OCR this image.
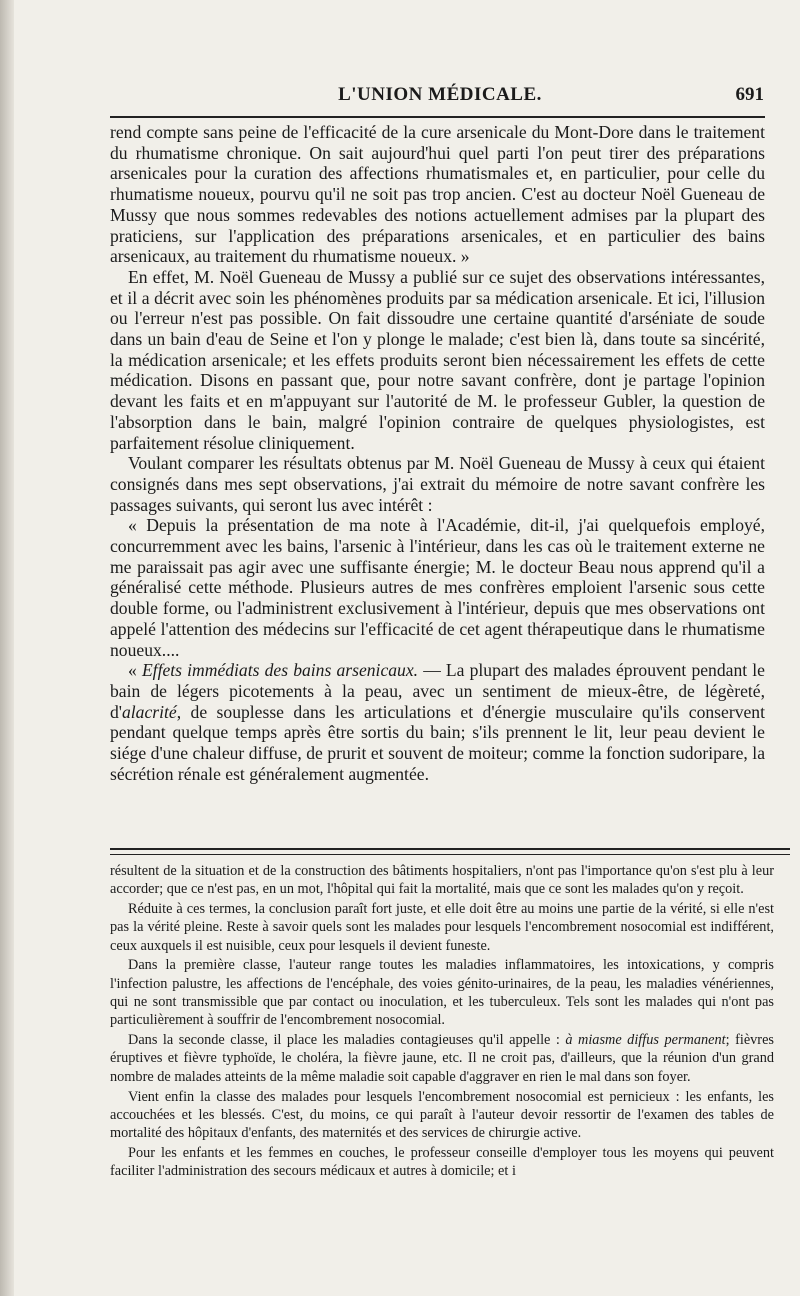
L'UNION MÉDICALE.	691

rend compte sans peine de l'efficacité de la cure arsenicale du Mont-Dore dans le traitement du rhumatisme chronique. On sait aujourd'hui quel parti l'on peut tirer des préparations arsenicales pour la curation des affections rhumatismales et, en particulier, pour celle du rhumatisme noueux, pourvu qu'il ne soit pas trop ancien. C'est au docteur Noël Gueneau de Mussy que nous sommes redevables des notions actuellement admises par la plupart des praticiens, sur l'application des préparations arsenicales, et en particulier des bains arsenicaux, au traitement du rhumatisme noueux. »

En effet, M. Noël Gueneau de Mussy a publié sur ce sujet des observations intéressantes, et il a décrit avec soin les phénomènes produits par sa médication arsenicale. Et ici, l'illusion ou l'erreur n'est pas possible. On fait dissoudre une certaine quantité d'arséniate de soude dans un bain d'eau de Seine et l'on y plonge le malade; c'est bien là, dans toute sa sincérité, la médication arsenicale; et les effets produits seront bien nécessairement les effets de cette médication. Disons en passant que, pour notre savant confrère, dont je partage l'opinion devant les faits et en m'appuyant sur l'autorité de M. le professeur Gubler, la question de l'absorption dans le bain, malgré l'opinion contraire de quelques physiologistes, est parfaitement résolue cliniquement.

Voulant comparer les résultats obtenus par M. Noël Gueneau de Mussy à ceux qui étaient consignés dans mes sept observations, j'ai extrait du mémoire de notre savant confrère les passages suivants, qui seront lus avec intérêt :

« Depuis la présentation de ma note à l'Académie, dit-il, j'ai quelquefois employé, concurremment avec les bains, l'arsenic à l'intérieur, dans les cas où le traitement externe ne me paraissait pas agir avec une suffisante énergie; M. le docteur Beau nous apprend qu'il a généralisé cette méthode. Plusieurs autres de mes confrères emploient l'arsenic sous cette double forme, ou l'administrent exclusivement à l'intérieur, depuis que mes observations ont appelé l'attention des médecins sur l'efficacité de cet agent thérapeutique dans le rhumatisme noueux....

« Effets immédiats des bains arsenicaux. — La plupart des malades éprouvent pendant le bain de légers picotements à la peau, avec un sentiment de mieux-être, de légèreté, d'alacrité, de souplesse dans les articulations et d'énergie musculaire qu'ils conservent pendant quelque temps après être sortis du bain; s'ils prennent le lit, leur peau devient le siége d'une chaleur diffuse, de prurit et souvent de moiteur; comme la fonction sudoripare, la sécrétion rénale est généralement augmentée.

résultent de la situation et de la construction des bâtiments hospitaliers, n'ont pas l'importance qu'on s'est plu à leur accorder; que ce n'est pas, en un mot, l'hôpital qui fait la mortalité, mais que ce sont les malades qu'on y reçoit.

Réduite à ces termes, la conclusion paraît fort juste, et elle doit être au moins une partie de la vérité, si elle n'est pas la vérité pleine. Reste à savoir quels sont les malades pour lesquels l'encombrement nosocomial est indifférent, ceux auxquels il est nuisible, ceux pour lesquels il devient funeste.

Dans la première classe, l'auteur range toutes les maladies inflammatoires, les intoxications, y compris l'infection palustre, les affections de l'encéphale, des voies génito-urinaires, de la peau, les maladies vénériennes, qui ne sont transmissible que par contact ou inoculation, et les tuberculeux. Tels sont les malades qui n'ont pas particulièrement à souffrir de l'encombrement nosocomial.

Dans la seconde classe, il place les maladies contagieuses qu'il appelle : à miasme diffus permanent; fièvres éruptives et fièvre typhoïde, le choléra, la fièvre jaune, etc. Il ne croit pas, d'ailleurs, que la réunion d'un grand nombre de malades atteints de la même maladie soit capable d'aggraver en rien le mal dans son foyer.

Vient enfin la classe des malades pour lesquels l'encombrement nosocomial est pernicieux : les enfants, les accouchées et les blessés. C'est, du moins, ce qui paraît à l'auteur devoir ressortir de l'examen des tables de mortalité des hôpitaux d'enfants, des maternités et des services de chirurgie active.

Pour les enfants et les femmes en couches, le professeur conseille d'employer tous les moyens qui peuvent faciliter l'administration des secours médicaux et autres à domicile; et i
